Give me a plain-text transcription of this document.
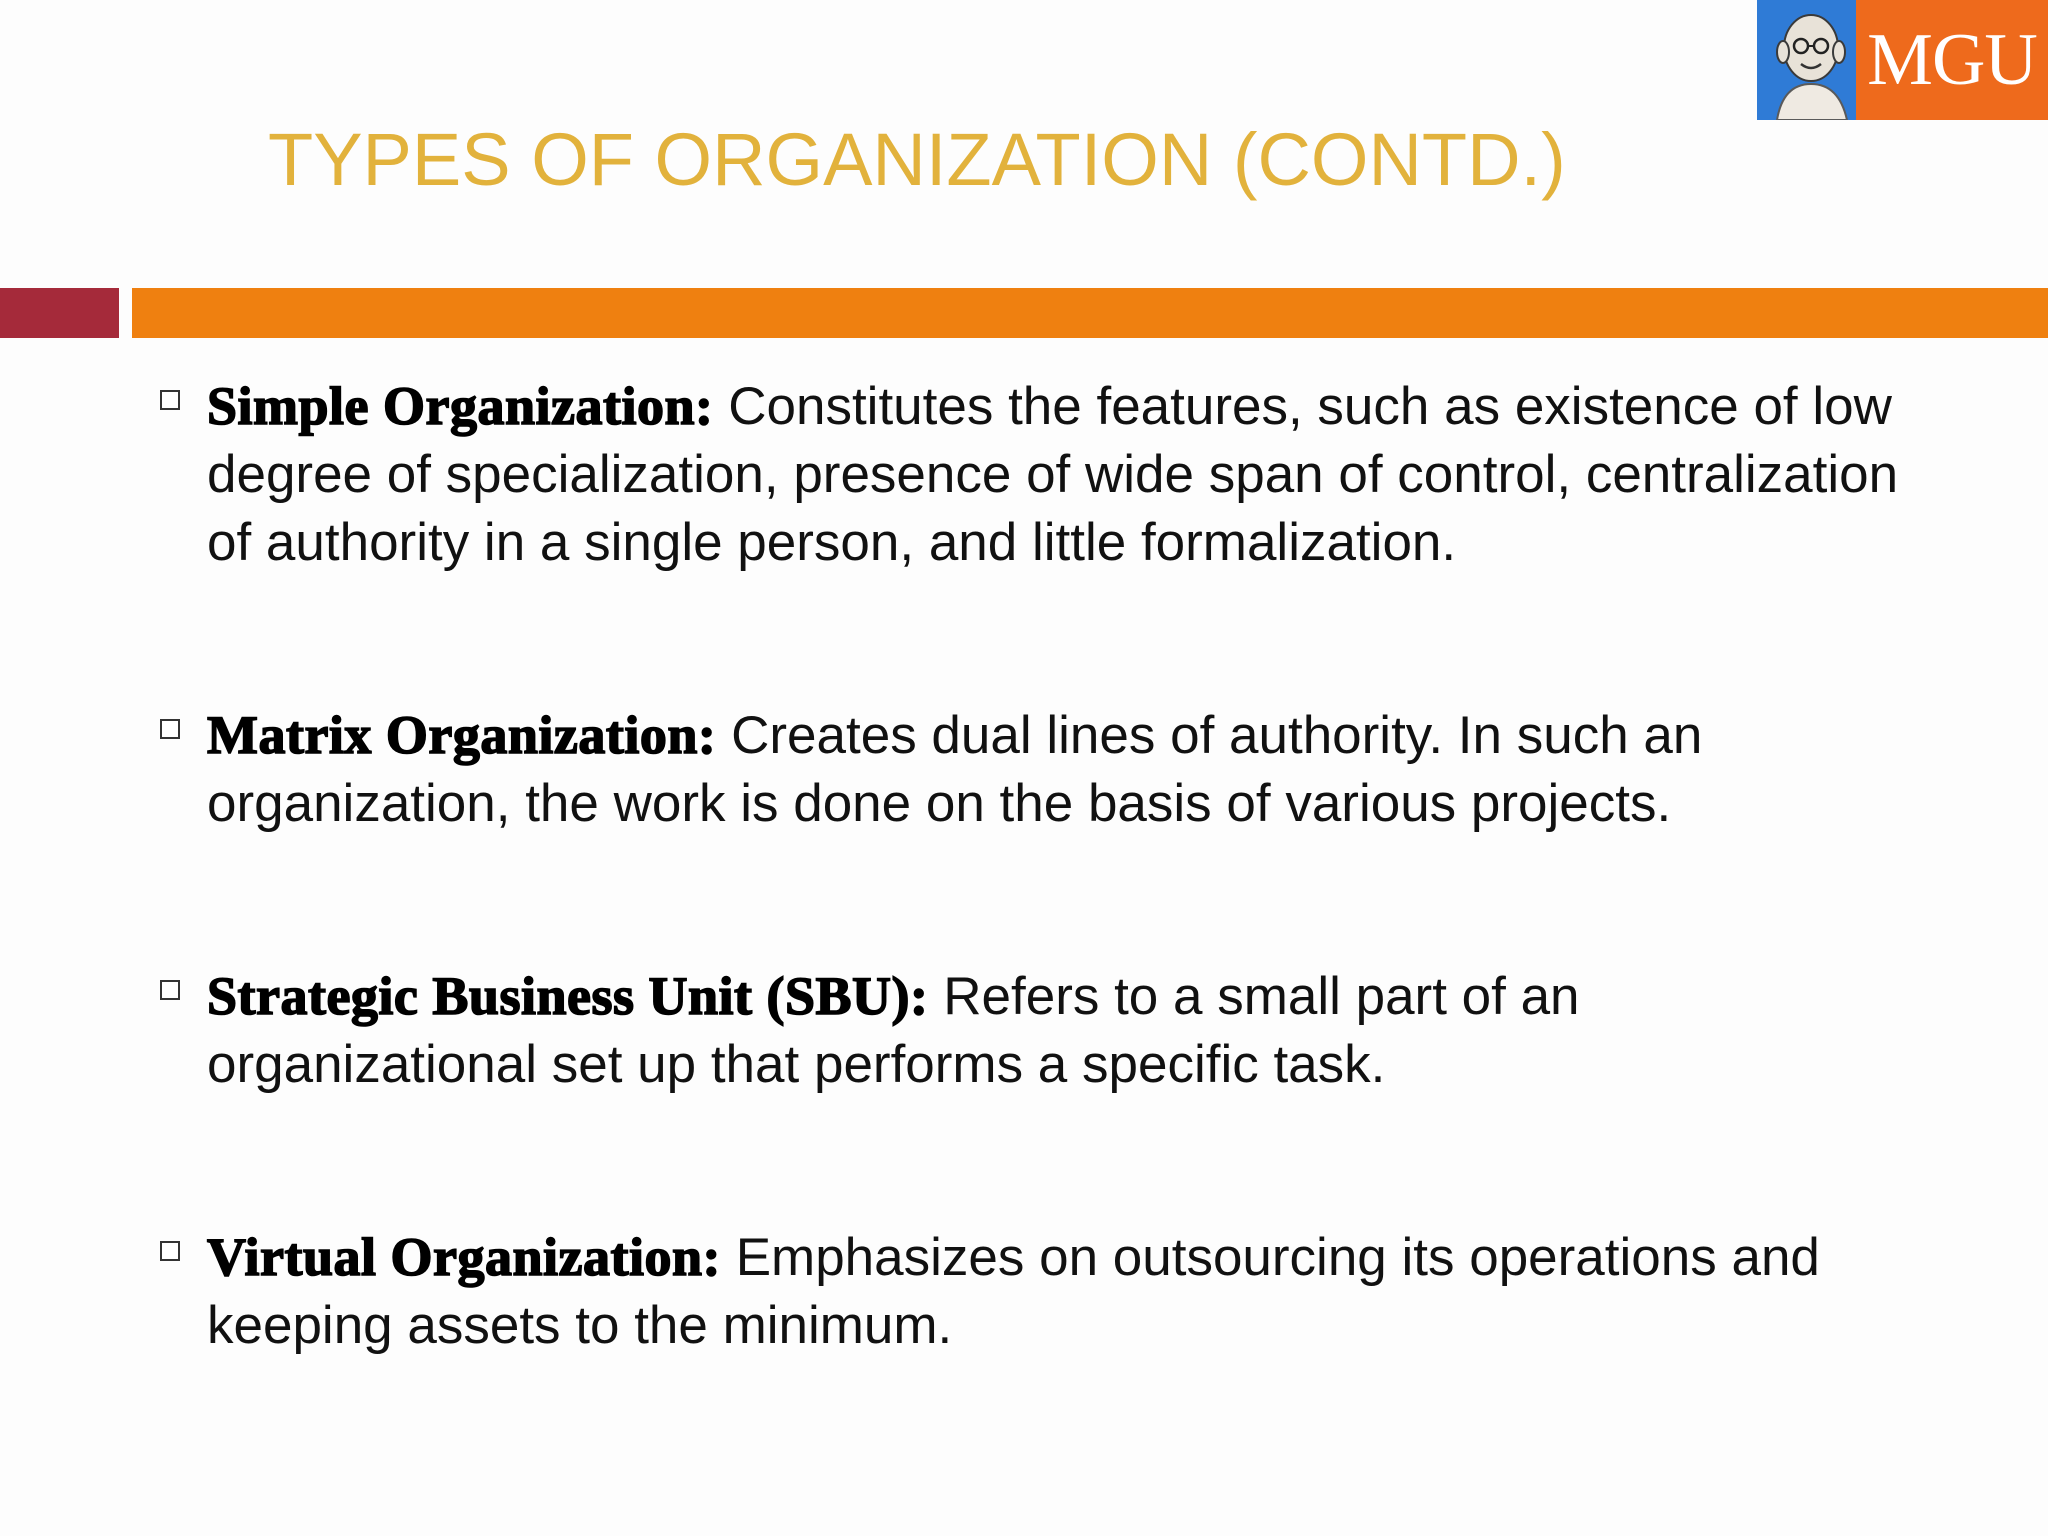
MGU
TYPES OF ORGANIZATION (CONTD.)
Simple Organization: Constitutes the features, such as existence of low degree of specialization, presence of wide span of control, centralization of authority in a single person, and little formalization.
Matrix Organization: Creates dual lines of authority. In such an organization, the work is done on the basis of various projects.
Strategic Business Unit (SBU): Refers to a small part of an organizational set up that performs a specific task.
Virtual Organization: Emphasizes on outsourcing its operations and keeping assets to the minimum.
